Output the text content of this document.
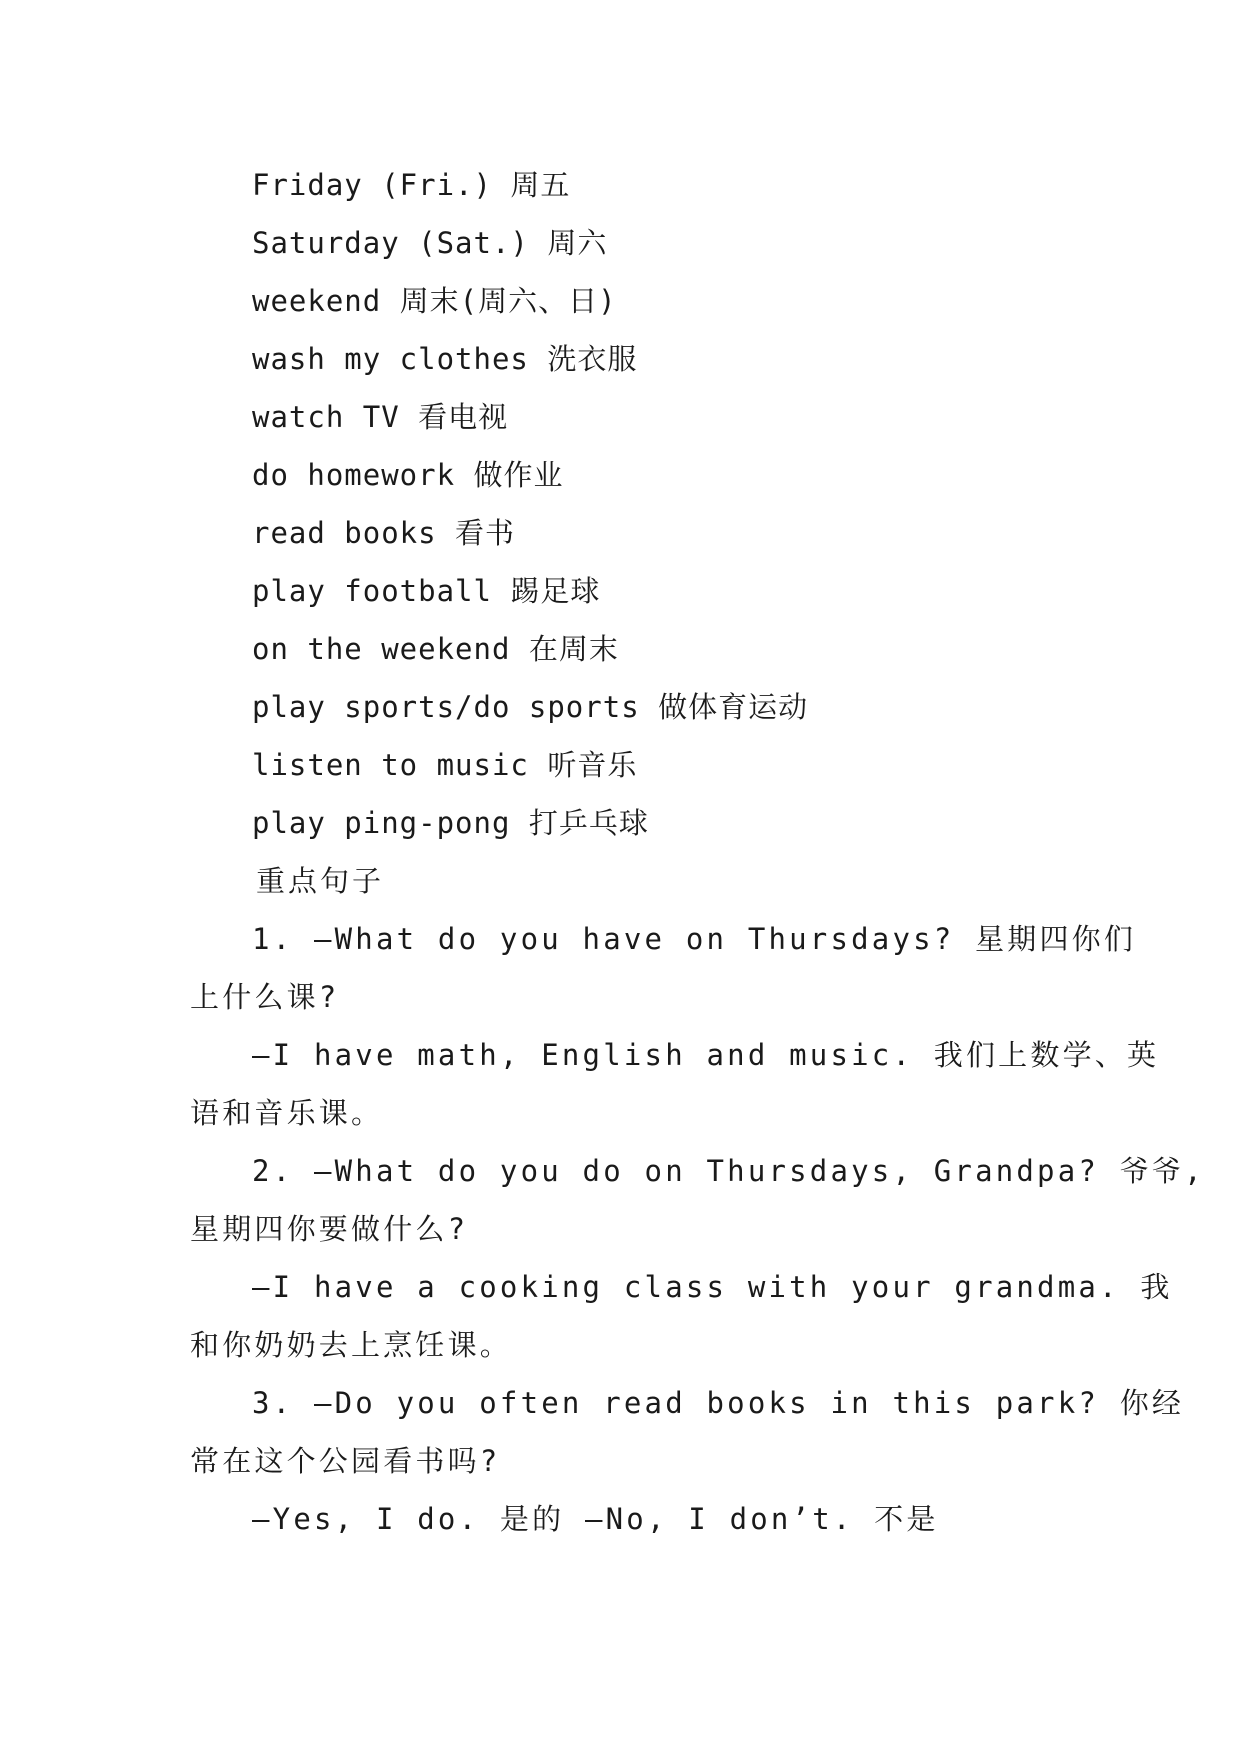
Friday (Fri.) 周五
Saturday (Sat.) 周六
weekend 周末(周六、日)
wash my clothes 洗衣服
watch TV 看电视
do homework 做作业
read books 看书
play football 踢足球
on the weekend 在周末
play sports/do sports 做体育运动
listen to music 听音乐
play ping-pong 打乒乓球
重点句子
1. —What do you have on Thursdays? 星期四你们
上什么课?
—I have math, English and music. 我们上数学、英
语和音乐课。
2. —What do you do on Thursdays, Grandpa? 爷爷,
星期四你要做什么?
—I have a cooking class with your grandma. 我
和你奶奶去上烹饪课。
3. —Do you often read books in this park? 你经
常在这个公园看书吗?
—Yes, I do. 是的 —No, I don’t. 不是
